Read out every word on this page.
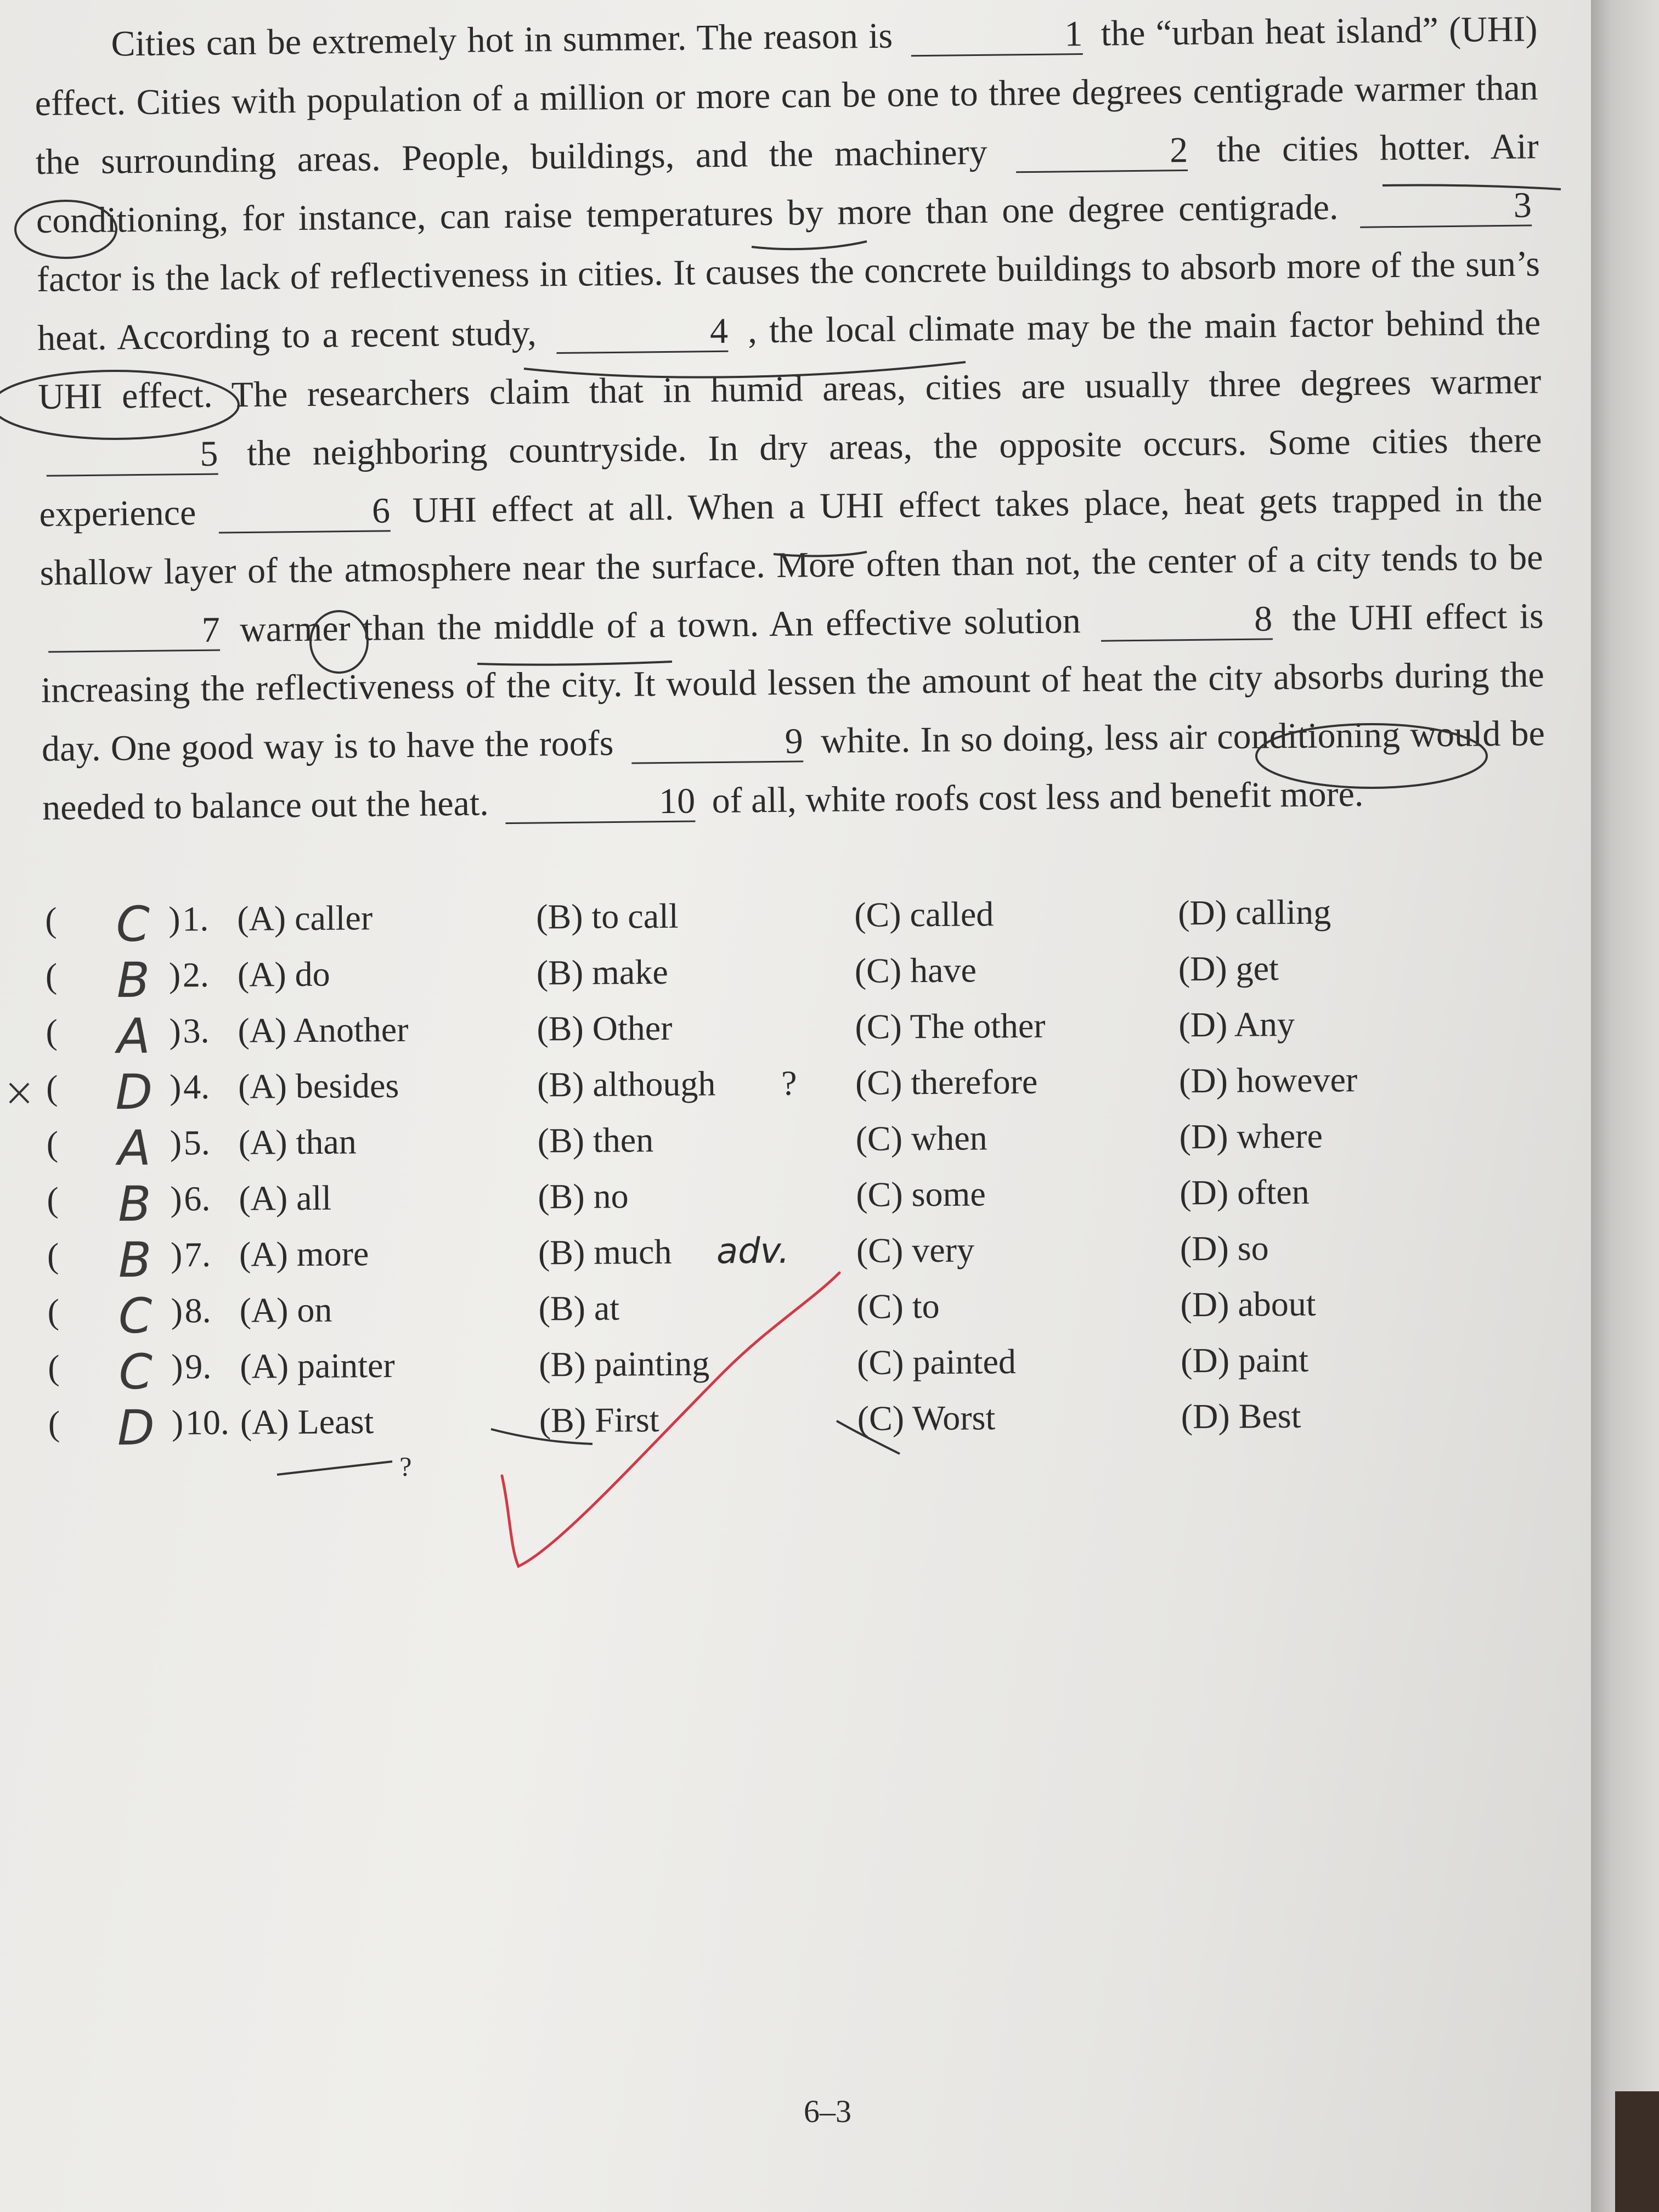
Cities can be extremely hot in summer. The reason is	1 the “urban heat island” (UHI) effect. Cities with population of a million or more can be one to three degrees centigrade warmer than the surrounding areas. People, buildings, and the machinery	2 the cities hotter. Air conditioning, for instance, can raise temperatures by more than one degree centigrade.	3 factor is the lack of reflectiveness in cities. It causes the concrete buildings to absorb more of the sun’s heat. According to a recent study,	4 , the local climate may be the main factor behind the UHI effect. The researchers claim that in humid areas, cities are usually three degrees warmer 5 the neighboring countryside. In dry areas, the opposite occurs. Some cities there experience	6 UHI effect at all. When a UHI effect takes place, heat gets trapped in the shallow layer of the atmosphere near the surface. More often than not, the center of a city tends to be 7 warmer than the middle of a town. An effective solution	8 the UHI effect is increasing the reflectiveness of the city. It would lessen the amount of heat the city absorbs during the day. One good way is to have the roofs	9 white. In so doing, less air conditioning would be needed to balance out the heat.	10 of all, white roofs cost less and benefit more.

(	C 1. (A) caller	(B) to call	(C) called	(D) calling
)
(	B 2. (A) do	(B) make	(C) have	(D) get
)
(	A 3. (A) Another	(B) Other	(C) The other	(D) Any
)
( D 4. (A) besides	(B) although	(C) therefore	(D) however
)	?
(	A 5. (A) than	(B) then	(C) when	(D) where
)
(	B 6. (A) all	(B) no	(C) some	(D) often
)
(	B 7. (A) more	(B) much	(C) very	(D) so
)	adv.
(	C 8. (A) on	(B) at	(C) to	(D) about
)
(	C 9. (A) painter	(B) painting	(C) painted	(D) paint
)
( D 10. (A) Least	(B) First	(C) Worst	(D) Best
)
?
6–3
